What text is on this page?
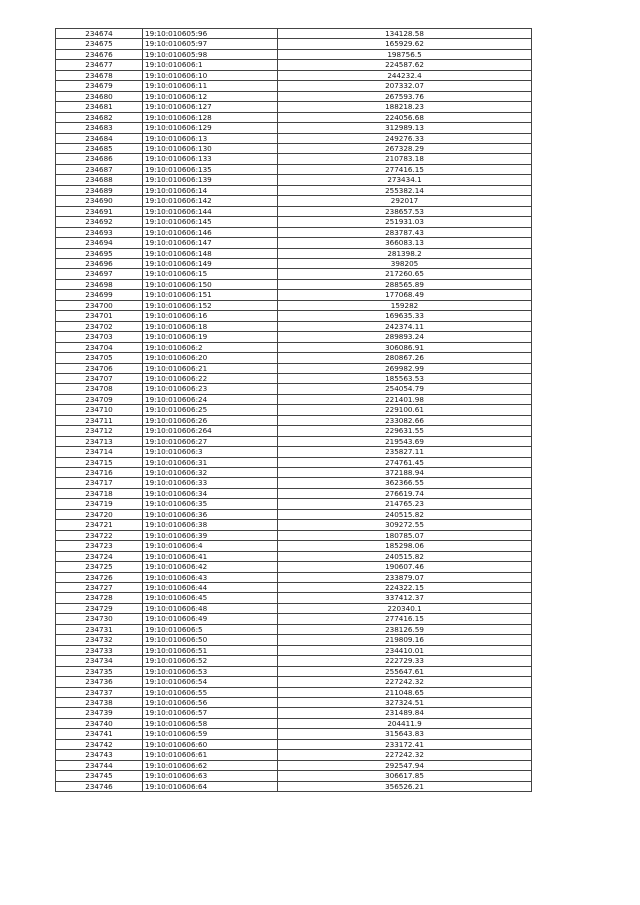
234674	19:10:010605:96	134128.58
234675	19:10:010605:97	165929.62
234676	19:10:010605:98	198756.5
234677	19:10:010606:1	224587.62
234678	19:10:010606:10	244232.4
234679	19:10:010606:11	207332.07
234680	19:10:010606:12	267593.76
234681	19:10:010606:127	188218.23
234682	19:10:010606:128	224056.68
234683	19:10:010606:129	312989.13
234684	19:10:010606:13	249276.33
234685	19:10:010606:130	267328.29
234686	19:10:010606:133	210783.18
234687	19:10:010606:135	277416.15
234688	19:10:010606:139	273434.1
234689	19:10:010606:14	255382.14
234690	19:10:010606:142	292017
234691	19:10:010606:144	238657.53
234692	19:10:010606:145	251931.03
234693	19:10:010606:146	283787.43
234694	19:10:010606:147	366083.13
234695	19:10:010606:148	281398.2
234696	19:10:010606:149	398205
234697	19:10:010606:15	217260.65
234698	19:10:010606:150	288565.89
234699	19:10:010606:151	177068.49
234700	19:10:010606:152	159282
234701	19:10:010606:16	169635.33
234702	19:10:010606:18	242374.11
234703	19:10:010606:19	289893.24
234704	19:10:010606:2	306086.91
234705	19:10:010606:20	280867.26
234706	19:10:010606:21	269982.99
234707	19:10:010606:22	185563.53
234708	19:10:010606:23	254054.79
234709	19:10:010606:24	221401.98
234710	19:10:010606:25	229100.61
234711	19:10:010606:26	233082.66
234712	19:10:010606:264	229631.55
234713	19:10:010606:27	219543.69
234714	19:10:010606:3	235827.11
234715	19:10:010606:31	274761.45
234716	19:10:010606:32	372188.94
234717	19:10:010606:33	362366.55
234718	19:10:010606:34	276619.74
234719	19:10:010606:35	214765.23
234720	19:10:010606:36	240515.82
234721	19:10:010606:38	309272.55
234722	19:10:010606:39	180785.07
234723	19:10:010606:4	185298.06
234724	19:10:010606:41	240515.82
234725	19:10:010606:42	190607.46
234726	19:10:010606:43	233879.07
234727	19:10:010606:44	224322.15
234728	19:10:010606:45	337412.37
234729	19:10:010606:48	220340.1
234730	19:10:010606:49	277416.15
234731	19:10:010606:5	238126.59
234732	19:10:010606:50	219809.16
234733	19:10:010606:51	234410.01
234734	19:10:010606:52	222729.33
234735	19:10:010606:53	255647.61
234736	19:10:010606:54	227242.32
234737	19:10:010606:55	211048.65
234738	19:10:010606:56	327324.51
234739	19:10:010606:57	231489.84
234740	19:10:010606:58	204411.9
234741	19:10:010606:59	315643.83
234742	19:10:010606:60	233172.41
234743	19:10:010606:61	227242.32
234744	19:10:010606:62	292547.94
234745	19:10:010606:63	306617.85
234746	19:10:010606:64	356526.21
